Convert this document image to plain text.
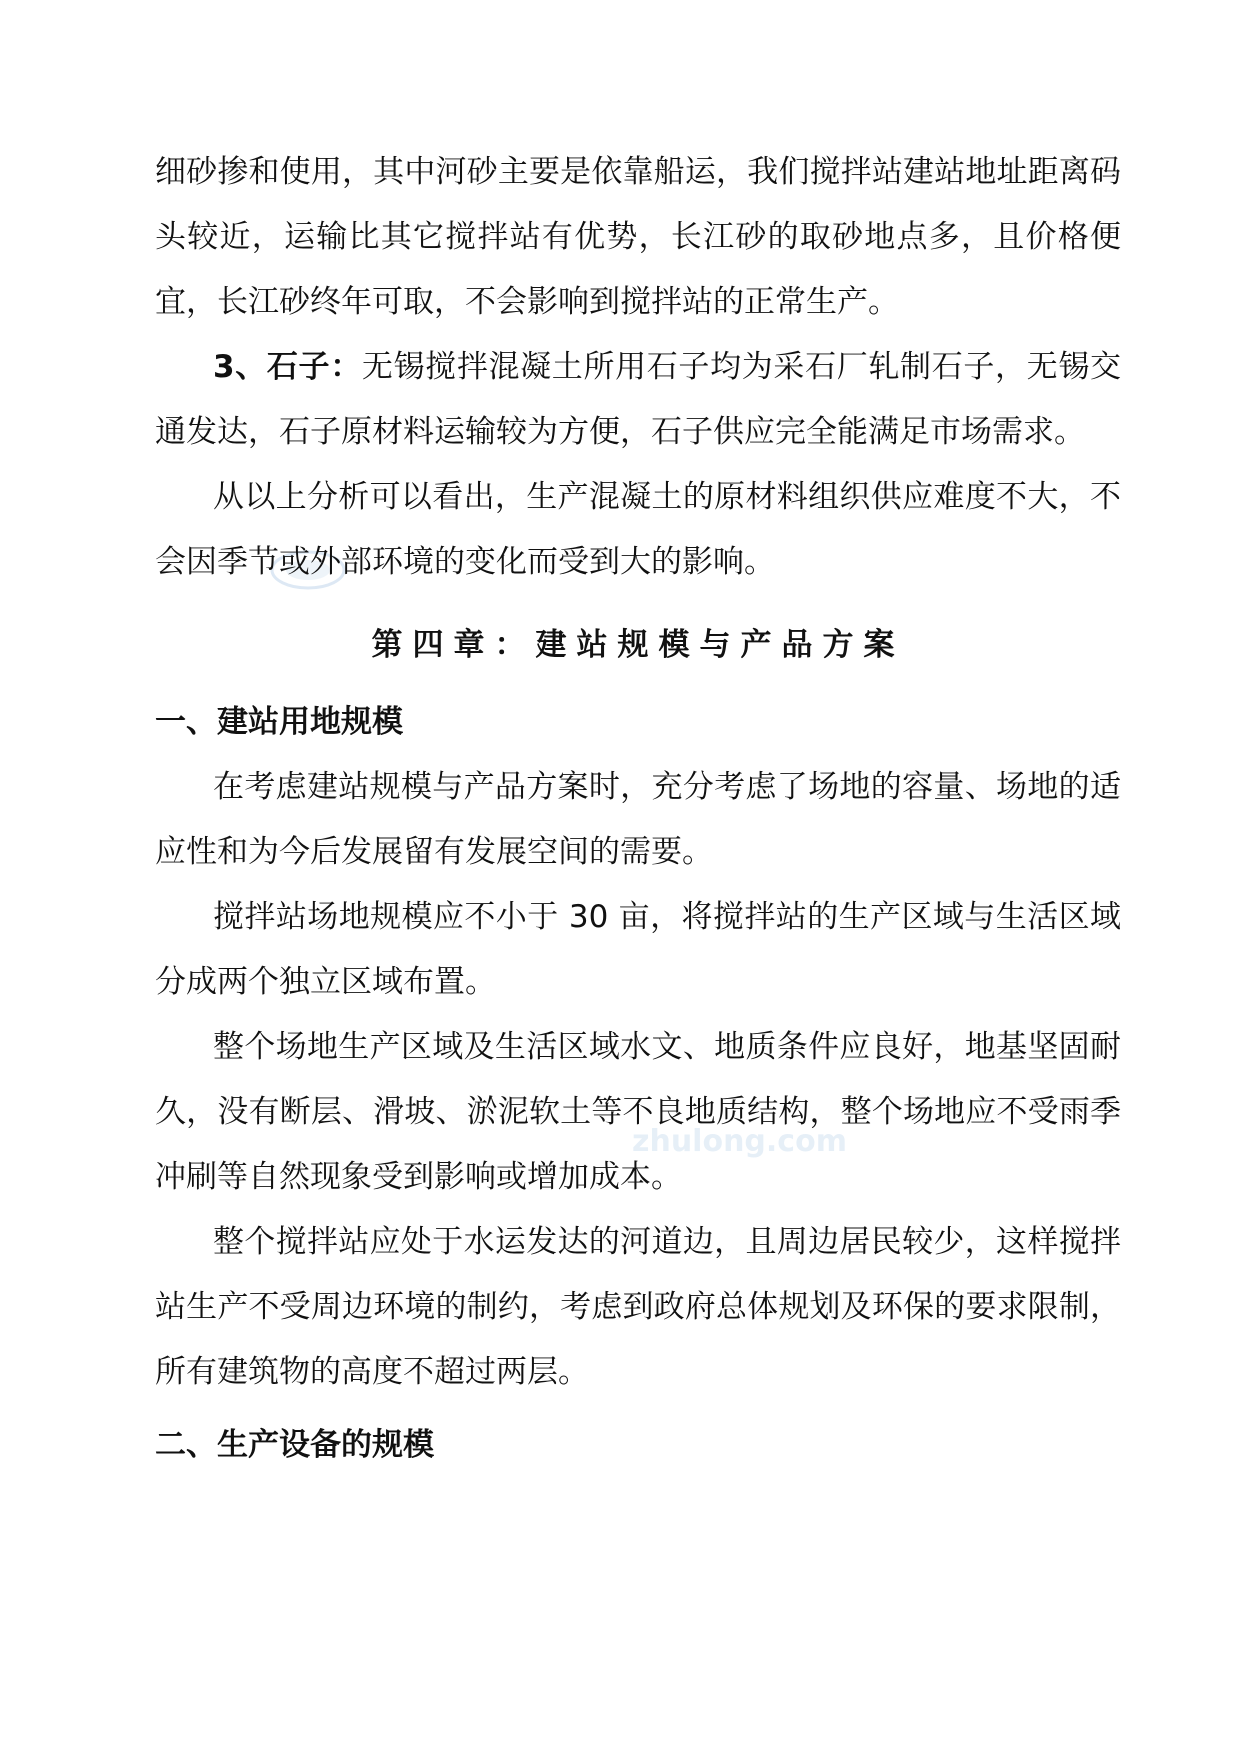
zhulong.com

细砂掺和使用，其中河砂主要是依靠船运，我们搅拌站建站地址距离码头较近，运输比其它搅拌站有优势，长江砂的取砂地点多，且价格便宜，长江砂终年可取，不会影响到搅拌站的正常生产。

3、石子：无锡搅拌混凝土所用石子均为采石厂轧制石子，无锡交通发达，石子原材料运输较为方便，石子供应完全能满足市场需求。

从以上分析可以看出，生产混凝土的原材料组织供应难度不大，不会因季节或外部环境的变化而受到大的影响。

第四章：建站规模与产品方案
一、建站用地规模

在考虑建站规模与产品方案时，充分考虑了场地的容量、场地的适应性和为今后发展留有发展空间的需要。

搅拌站场地规模应不小于 30 亩，将搅拌站的生产区域与生活区域分成两个独立区域布置。

整个场地生产区域及生活区域水文、地质条件应良好，地基坚固耐久，没有断层、滑坡、淤泥软土等不良地质结构，整个场地应不受雨季冲刷等自然现象受到影响或增加成本。

整个搅拌站应处于水运发达的河道边，且周边居民较少，这样搅拌站生产不受周边环境的制约，考虑到政府总体规划及环保的要求限制，所有建筑物的高度不超过两层。

二、生产设备的规模
